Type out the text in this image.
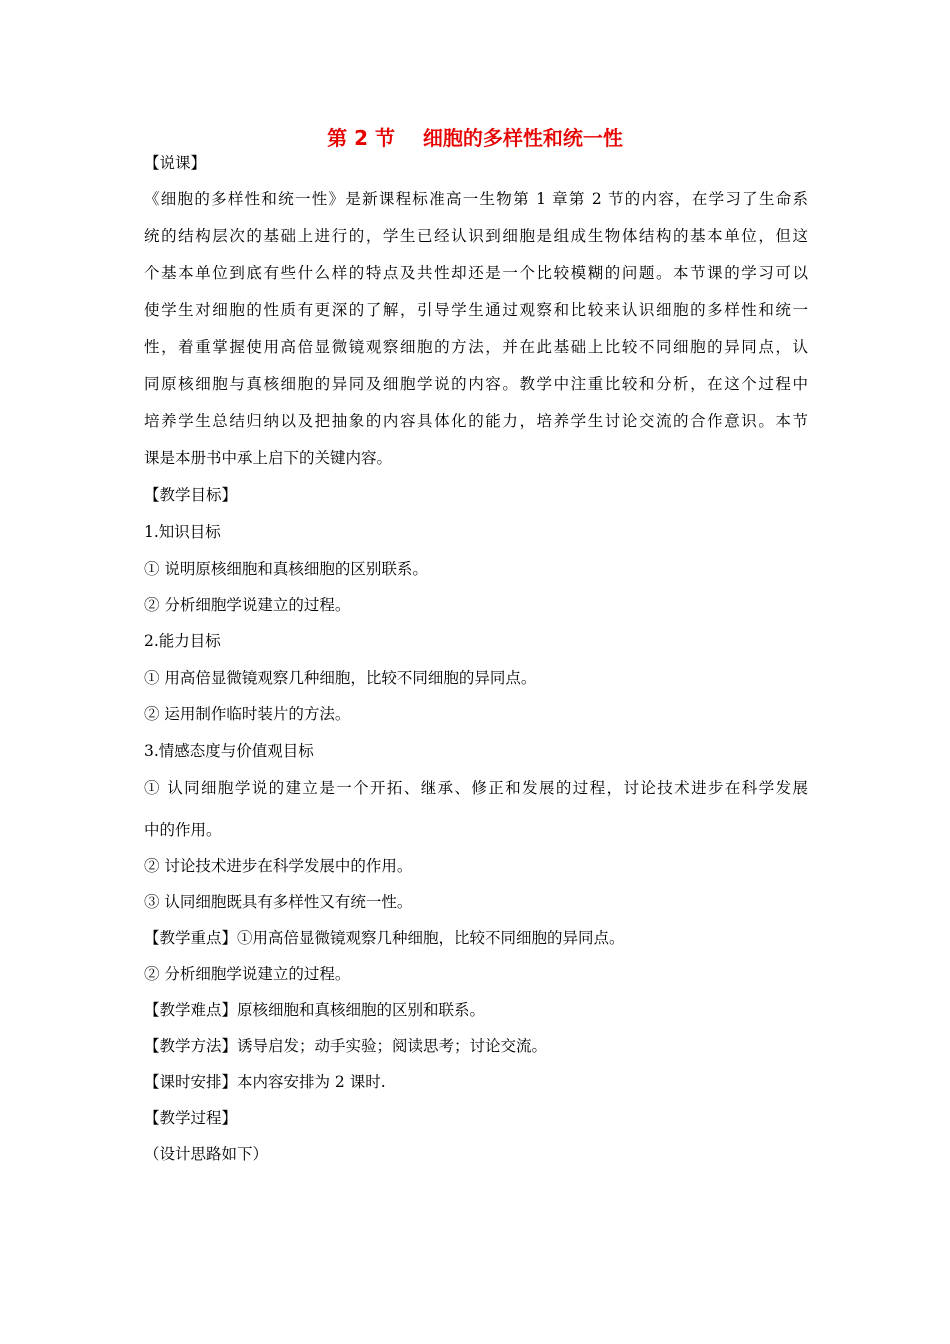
第 2 节    细胞的多样性和统一性
【说课】
《细胞的多样性和统一性》是新课程标准高一生物第 1 章第 2 节的内容，在学习了生命系
统的结构层次的基础上进行的，学生已经认识到细胞是组成生物体结构的基本单位，但这
个基本单位到底有些什么样的特点及共性却还是一个比较模糊的问题。本节课的学习可以
使学生对细胞的性质有更深的了解，引导学生通过观察和比较来认识细胞的多样性和统一
性，着重掌握使用高倍显微镜观察细胞的方法，并在此基础上比较不同细胞的异同点，认
同原核细胞与真核细胞的异同及细胞学说的内容。教学中注重比较和分析，在这个过程中
培养学生总结归纳以及把抽象的内容具体化的能力，培养学生讨论交流的合作意识。本节
课是本册书中承上启下的关键内容。
【教学目标】
1.知识目标
① 说明原核细胞和真核细胞的区别联系。
② 分析细胞学说建立的过程。
2.能力目标
① 用高倍显微镜观察几种细胞，比较不同细胞的异同点。
② 运用制作临时装片的方法。
3.情感态度与价值观目标
① 认同细胞学说的建立是一个开拓、继承、修正和发展的过程，讨论技术进步在科学发展
中的作用。
② 讨论技术进步在科学发展中的作用。
③ 认同细胞既具有多样性又有统一性。
【教学重点】①用高倍显微镜观察几种细胞，比较不同细胞的异同点。
② 分析细胞学说建立的过程。
【教学难点】原核细胞和真核细胞的区别和联系。
【教学方法】诱导启发；动手实验；阅读思考；讨论交流。
【课时安排】本内容安排为 2 课时.
【教学过程】
（设计思路如下）
